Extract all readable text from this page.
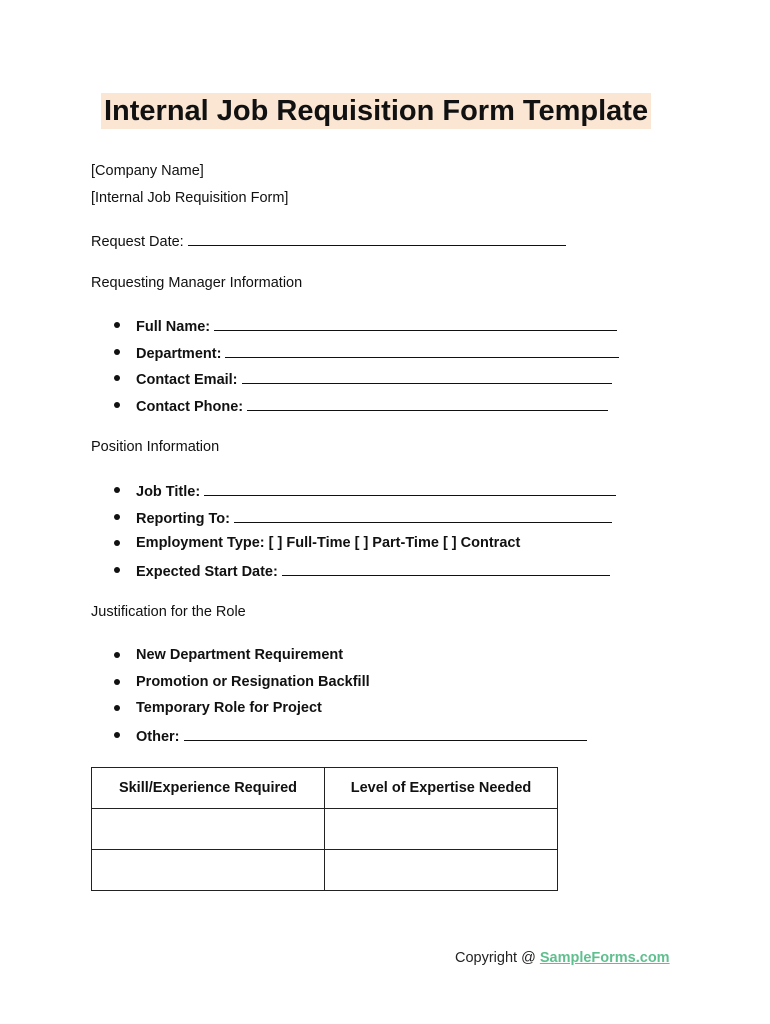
Internal Job Requisition Form Template
[Company Name]
[Internal Job Requisition Form]
Request Date:
Requesting Manager Information
Full Name:
Department:
Contact Email:
Contact Phone:
Position Information
Job Title:
Reporting To:
Employment Type: [ ] Full-Time [ ] Part-Time [ ] Contract
Expected Start Date:
Justification for the Role
New Department Requirement
Promotion or Resignation Backfill
Temporary Role for Project
Other:
Skill/Experience Required	Level of Expertise Needed

Copyright @ SampleForms.com
